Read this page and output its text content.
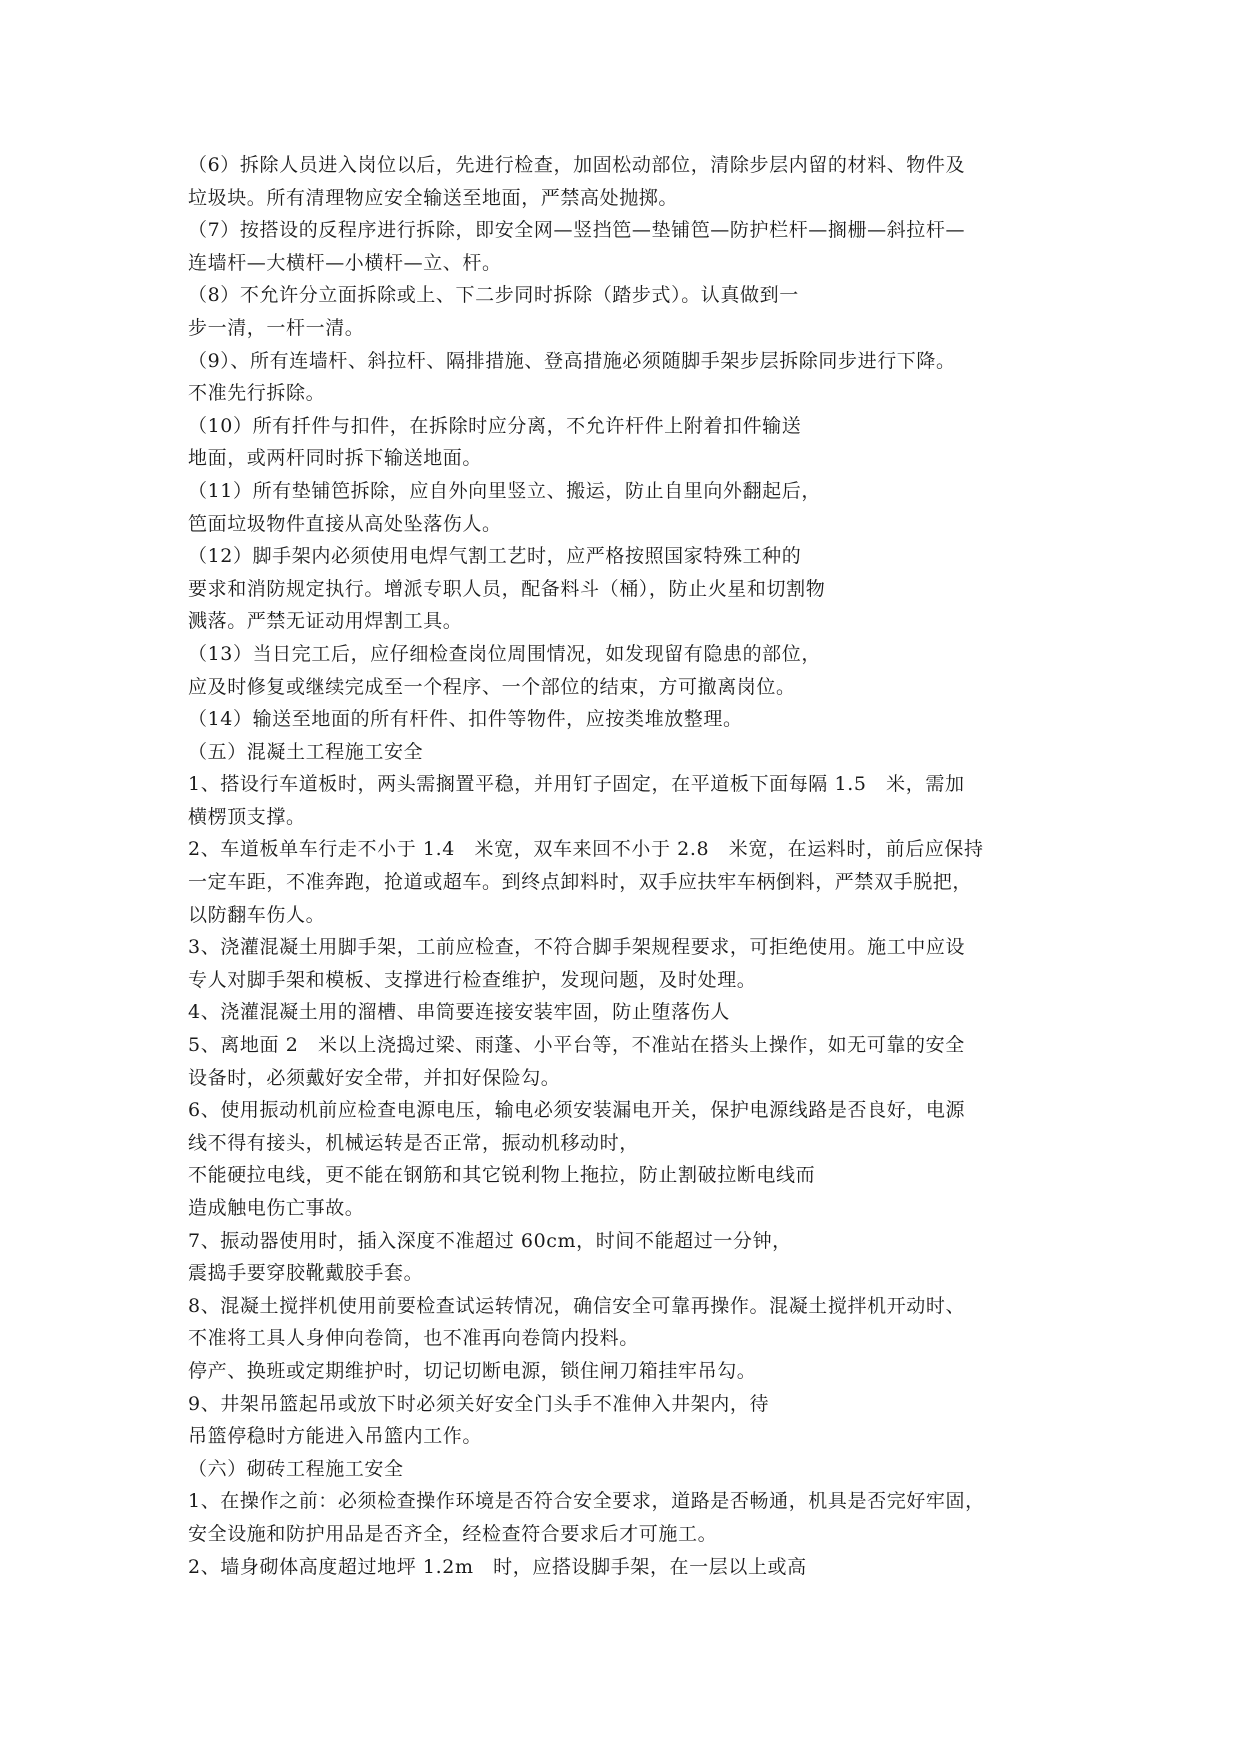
（6）拆除人员进入岗位以后，先进行检查，加固松动部位，清除步层内留的材料、物件及
垃圾块。所有清理物应安全输送至地面，严禁高处抛掷。
（7）按搭设的反程序进行拆除，即安全网—竖挡笆—垫铺笆—防护栏杆—搁栅—斜拉杆—
连墙杆—大横杆—小横杆—立、杆。
（8）不允许分立面拆除或上、下二步同时拆除（踏步式）。认真做到一
步一清，一杆一清。
（9）、所有连墙杆、斜拉杆、隔排措施、登高措施必须随脚手架步层拆除同步进行下降。
不准先行拆除。
（10）所有扦件与扣件，在拆除时应分离，不允许杆件上附着扣件输送
地面，或两杆同时拆下输送地面。
（11）所有垫铺笆拆除，应自外向里竖立、搬运，防止自里向外翻起后，
笆面垃圾物件直接从高处坠落伤人。
（12）脚手架内必须使用电焊气割工艺时，应严格按照国家特殊工种的
要求和消防规定执行。增派专职人员，配备料斗（桶），防止火星和切割物
溅落。严禁无证动用焊割工具。
（13）当日完工后，应仔细检查岗位周围情况，如发现留有隐患的部位，
应及时修复或继续完成至一个程序、一个部位的结束，方可撤离岗位。
（14）输送至地面的所有杆件、扣件等物件，应按类堆放整理。
（五）混凝土工程施工安全
1、搭设行车道板时，两头需搁置平稳，并用钉子固定，在平道板下面每隔 1.5　米，需加
横楞顶支撑。
2、车道板单车行走不小于 1.4　米宽，双车来回不小于 2.8　米宽，在运料时，前后应保持
一定车距，不准奔跑，抢道或超车。到终点卸料时，双手应扶牢车柄倒料，严禁双手脱把，
以防翻车伤人。
3、浇灌混凝土用脚手架，工前应检查，不符合脚手架规程要求，可拒绝使用。施工中应设
专人对脚手架和模板、支撑进行检查维护，发现问题，及时处理。
4、浇灌混凝土用的溜槽、串筒要连接安装牢固，防止堕落伤人
5、离地面 2　米以上浇捣过梁、雨蓬、小平台等，不准站在搭头上操作，如无可靠的安全
设备时，必须戴好安全带，并扣好保险勾。
6、使用振动机前应检查电源电压，输电必须安装漏电开关，保护电源线路是否良好，电源
线不得有接头，机械运转是否正常，振动机移动时，
不能硬拉电线，更不能在钢筋和其它锐利物上拖拉，防止割破拉断电线而
造成触电伤亡事故。
7、振动器使用时，插入深度不准超过 60cm，时间不能超过一分钟，
震捣手要穿胶靴戴胶手套。
8、混凝土搅拌机使用前要检查试运转情况，确信安全可靠再操作。混凝土搅拌机开动时、
不准将工具人身伸向卷筒，也不准再向卷筒内投料。
停产、换班或定期维护时，切记切断电源，锁住闸刀箱挂牢吊勾。
9、井架吊篮起吊或放下时必须关好安全门头手不准伸入井架内，待
吊篮停稳时方能进入吊篮内工作。
（六）砌砖工程施工安全
1、在操作之前：必须检查操作环境是否符合安全要求，道路是否畅通，机具是否完好牢固，
安全设施和防护用品是否齐全，经检查符合要求后才可施工。
2、墙身砌体高度超过地坪 1.2m　时，应搭设脚手架，在一层以上或高
